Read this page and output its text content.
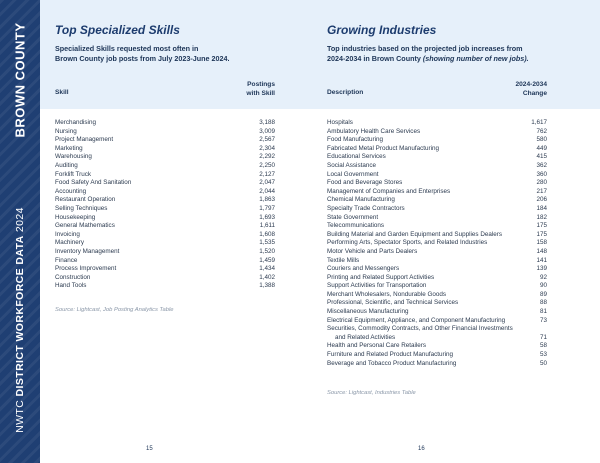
BROWN COUNTY
NWTC DISTRICT WORKFORCE DATA 2024
Top Specialized Skills
Specialized Skills requested most often in
Brown County job posts from July 2023-June 2024.
Skill
Postings
with Skill
Merchandising	3,188
Nursing	3,009
Project Management	2,567
Marketing	2,304
Warehousing	2,292
Auditing	2,250
Forklift Truck	2,127
Food Safety And Sanitation	2,047
Accounting	2,044
Restaurant Operation	1,863
Selling Techniques	1,797
Housekeeping	1,693
General Mathematics	1,611
Invoicing	1,608
Machinery	1,535
Inventory Management	1,520
Finance	1,459
Process Improvement	1,434
Construction	1,402
Hand Tools	1,388
Source: Lightcast, Job Posting Analytics Table
Growing Industries
Top industries based on the projected job increases from
2024-2034 in Brown County (showing number of new jobs).
Description
2024-2034
Change
Hospitals	1,617
Ambulatory Health Care Services	762
Food Manufacturing	580
Fabricated Metal Product Manufacturing	449
Educational Services	415
Social Assistance	362
Local Government	360
Food and Beverage Stores	280
Management of Companies and Enterprises	217
Chemical Manufacturing	206
Specialty Trade Contractors	184
State Government	182
Telecommunications	175
Building Material and Garden Equipment and Supplies Dealers	175
Performing Arts, Spectator Sports, and Related Industries	158
Motor Vehicle and Parts Dealers	148
Textile Mills	141
Couriers and Messengers	139
Printing and Related Support Activities	92
Support Activities for Transportation	90
Merchant Wholesalers, Nondurable Goods	89
Professional, Scientific, and Technical Services	88
Miscellaneous Manufacturing	81
Electrical Equipment, Appliance, and Component Manufacturing	73
Securities, Commodity Contracts, and Other Financial Investments
and Related Activities	71
Health and Personal Care Retailers	58
Furniture and Related Product Manufacturing	53
Beverage and Tobacco Product Manufacturing	50
Source: Lightcast, Industries Table
15	16
